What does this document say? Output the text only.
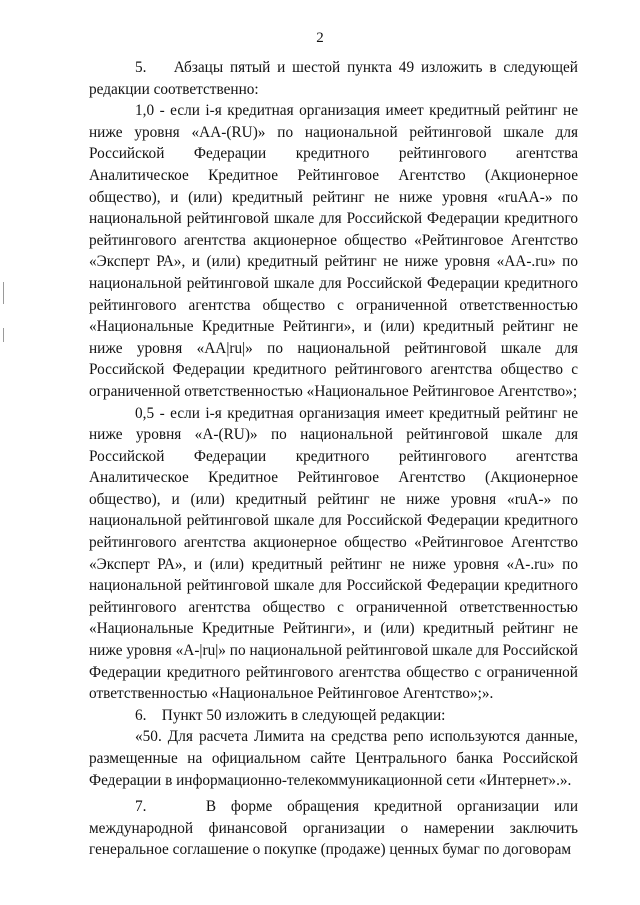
2

5.    Абзацы пятый и шестой пункта 49 изложить в следующей редакции соответственно:

1,0 - если i-я кредитная организация имеет кредитный рейтинг не ниже уровня «АА-(RU)» по национальной рейтинговой шкале для Российской Федерации кредитного рейтингового агентства Аналитическое Кредитное Рейтинговое Агентство (Акционерное общество), и (или) кредитный рейтинг не ниже уровня «ruAA-» по национальной рейтинговой шкале для Российской Федерации кредитного рейтингового агентства акционерное общество «Рейтинговое Агентство «Эксперт РА», и (или) кредитный рейтинг не ниже уровня «АА-.ru» по национальной рейтинговой шкале для Российской Федерации кредитного рейтингового агентства общество с ограниченной ответственностью «Национальные Кредитные Рейтинги», и (или) кредитный рейтинг не ниже уровня «AA|ru|» по национальной рейтинговой шкале для Российской Федерации кредитного рейтингового агентства общество с ограниченной ответственностью «Национальное Рейтинговое Агентство»;

0,5 - если i-я кредитная организация имеет кредитный рейтинг не ниже уровня «А-(RU)» по национальной рейтинговой шкале для Российской Федерации кредитного рейтингового агентства Аналитическое Кредитное Рейтинговое Агентство (Акционерное общество), и (или) кредитный рейтинг не ниже уровня «ruA-» по национальной рейтинговой шкале для Российской Федерации кредитного рейтингового агентства акционерное общество «Рейтинговое Агентство «Эксперт РА», и (или) кредитный рейтинг не ниже уровня «А-.ru» по национальной рейтинговой шкале для Российской Федерации кредитного рейтингового агентства общество с ограниченной ответственностью «Национальные Кредитные Рейтинги», и (или) кредитный рейтинг не ниже уровня «A-|ru|» по национальной рейтинговой шкале для Российской Федерации кредитного рейтингового агентства общество с ограниченной ответственностью «Национальное Рейтинговое Агентство»;».

6.    Пункт 50 изложить в следующей редакции:

«50. Для расчета Лимита на средства репо используются данные, размещенные на официальном сайте Центрального банка Российской Федерации в информационно-телекоммуникационной сети «Интернет».».

7.    В форме обращения кредитной организации или международной финансовой организации о намерении заключить генеральное соглашение о покупке (продаже) ценных бумаг по договорам
